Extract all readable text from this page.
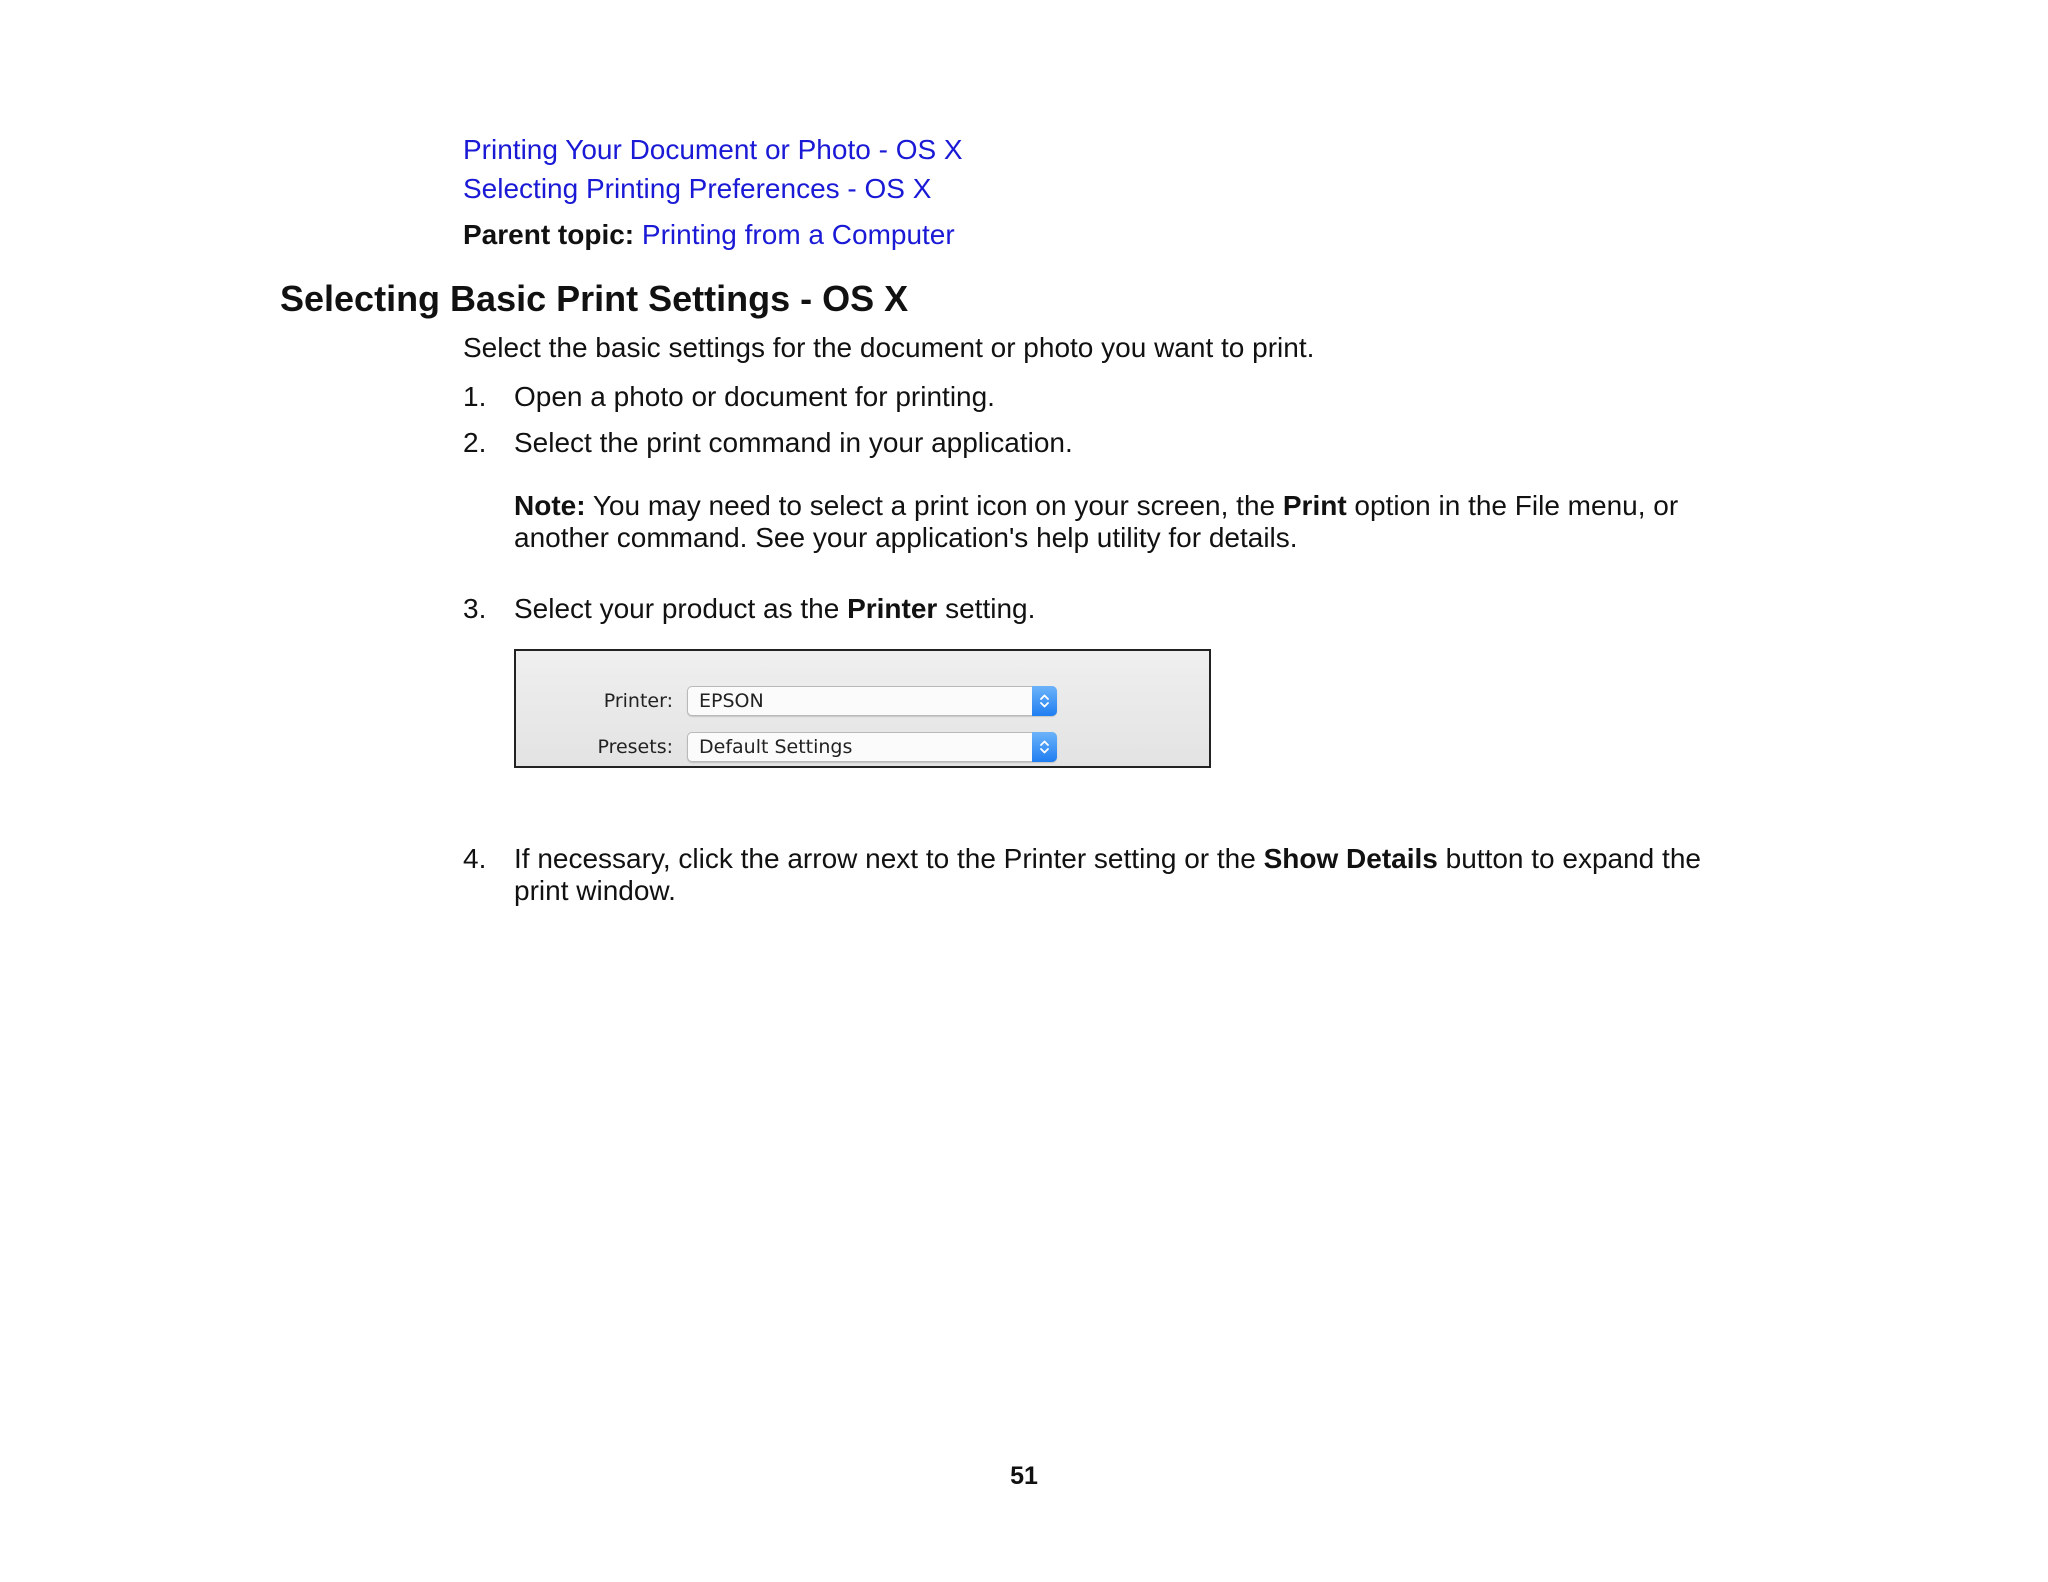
Printing Your Document or Photo - OS X
Selecting Printing Preferences - OS X
Parent topic: Printing from a Computer
Selecting Basic Print Settings - OS X
Select the basic settings for the document or photo you want to print.
1. Open a photo or document for printing.
2. Select the print command in your application.
Note: You may need to select a print icon on your screen, the Print option in the File menu, or another command. See your application's help utility for details.
3. Select your product as the Printer setting.
Printer: EPSON
Presets: Default Settings
4. If necessary, click the arrow next to the Printer setting or the Show Details button to expand the print window.
51
